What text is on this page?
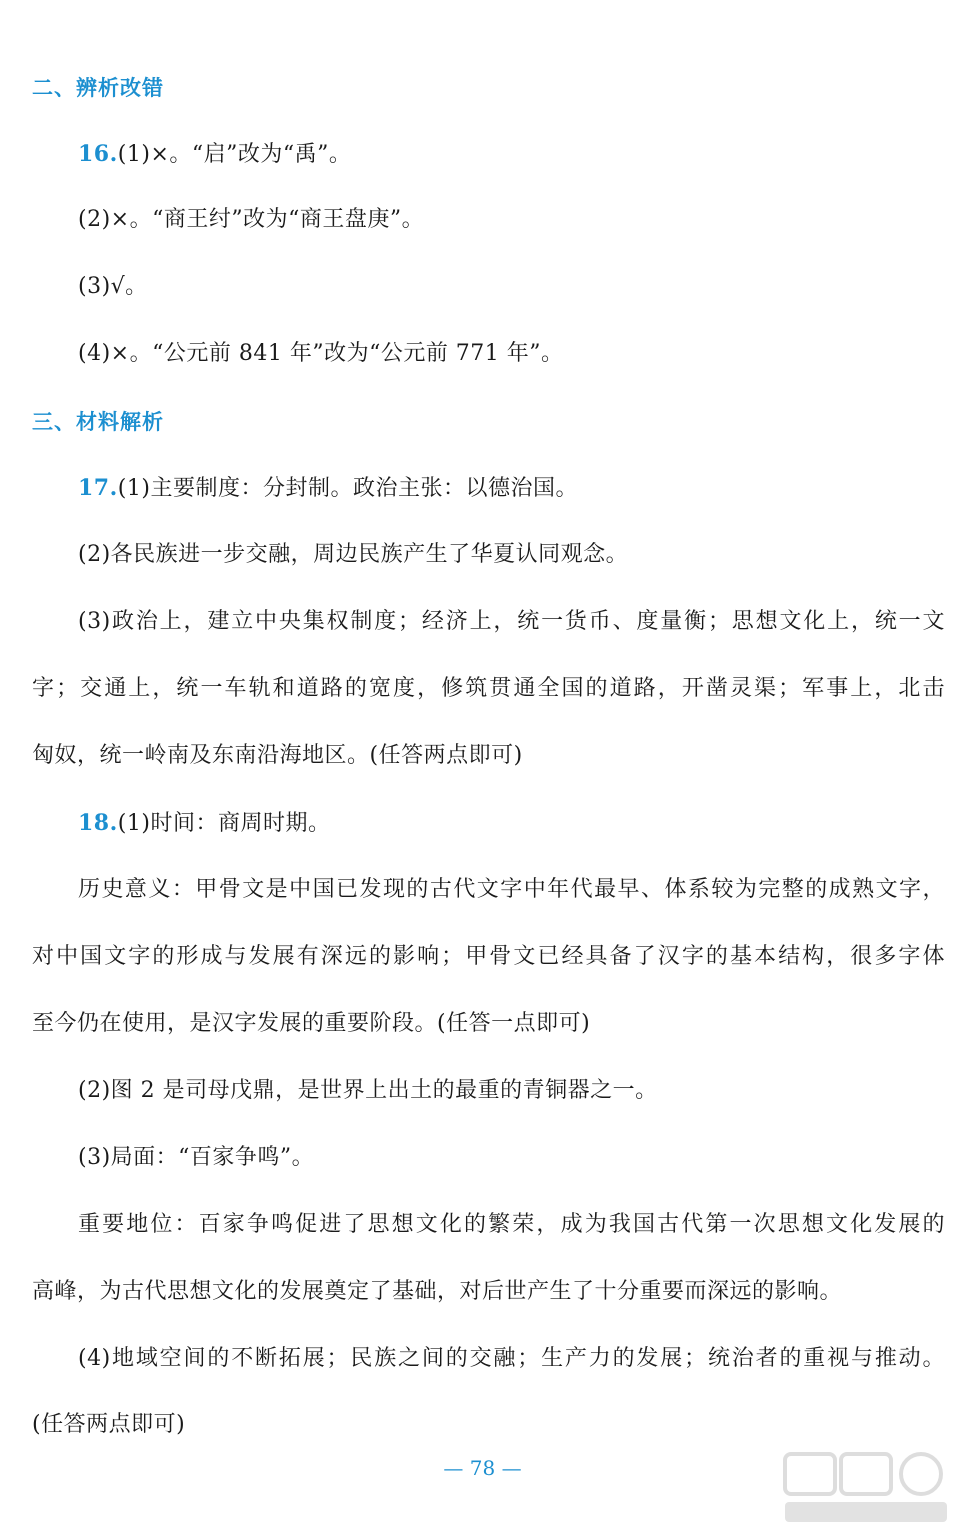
二、辨析改错
16.(1)×。“启”改为“禹”。
(2)×。“商王纣”改为“商王盘庚”。
(3)√。
(4)×。“公元前 841 年”改为“公元前 771 年”。
三、材料解析
17.(1)主要制度：分封制。政治主张：以德治国。
(2)各民族进一步交融，周边民族产生了华夏认同观念。
(3)政治上，建立中央集权制度；经济上，统一货币、度量衡；思想文化上，统一文
字；交通上，统一车轨和道路的宽度，修筑贯通全国的道路，开凿灵渠；军事上，北击
匈奴，统一岭南及东南沿海地区。(任答两点即可)
18.(1)时间：商周时期。
历史意义：甲骨文是中国已发现的古代文字中年代最早、体系较为完整的成熟文字，
对中国文字的形成与发展有深远的影响；甲骨文已经具备了汉字的基本结构，很多字体
至今仍在使用，是汉字发展的重要阶段。(任答一点即可)
(2)图 2 是司母戊鼎，是世界上出土的最重的青铜器之一。
(3)局面：“百家争鸣”。
重要地位：百家争鸣促进了思想文化的繁荣，成为我国古代第一次思想文化发展的
高峰，为古代思想文化的发展奠定了基础，对后世产生了十分重要而深远的影响。
(4)地域空间的不断拓展；民族之间的交融；生产力的发展；统治者的重视与推动。
(任答两点即可)
— 78 —
